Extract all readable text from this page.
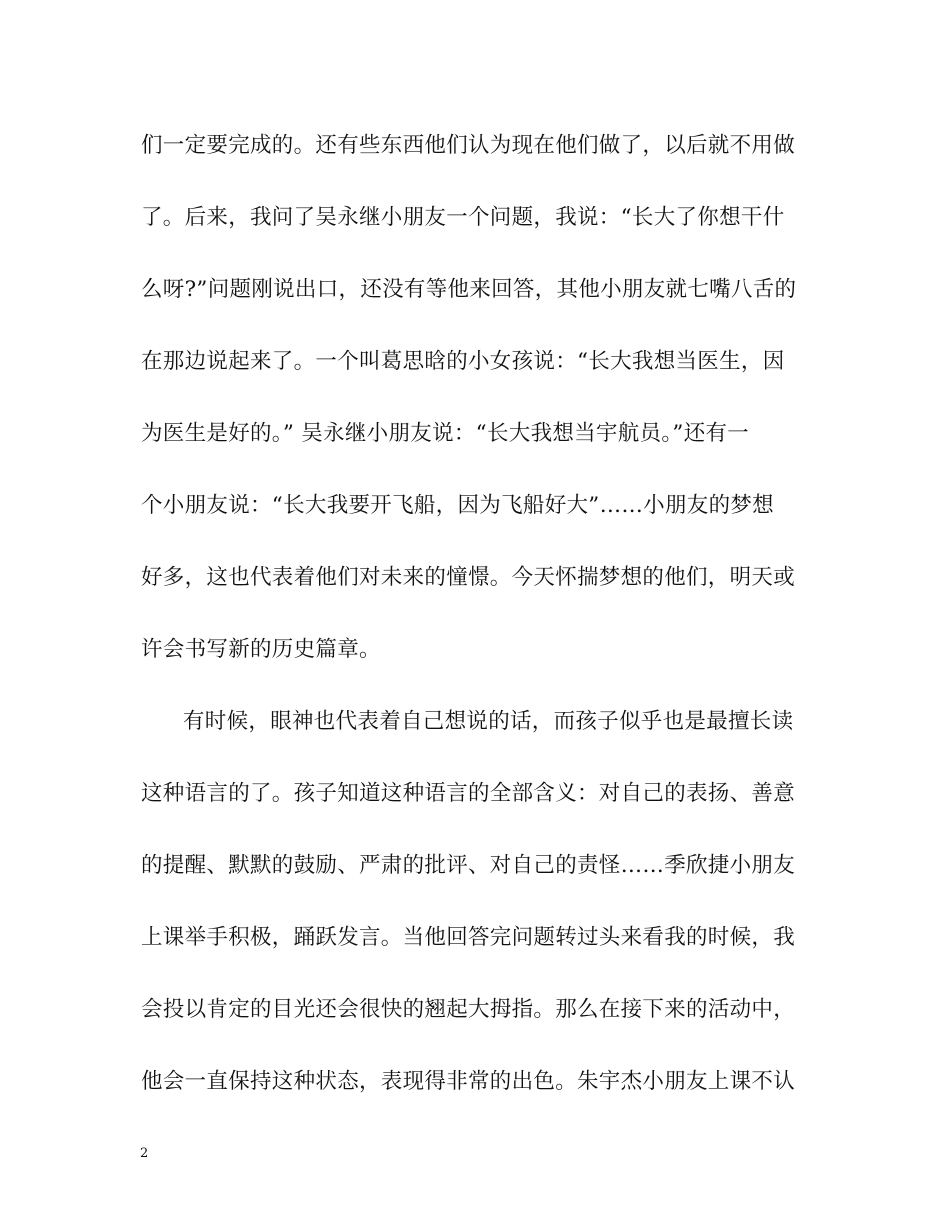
们一定要完成的。还有些东西他们认为现在他们做了，以后就不用做
了。后来，我问了吴永继小朋友一个问题，我说：“长大了你想干什
么呀?”问题刚说出口，还没有等他来回答，其他小朋友就七嘴八舌的
在那边说起来了。一个叫葛思晗的小女孩说：“长大我想当医生，因
为医生是好的。” 吴永继小朋友说：“长大我想当宇航员。”还有一
个小朋友说：“长大我要开飞船，因为飞船好大”……小朋友的梦想
好多，这也代表着他们对未来的憧憬。今天怀揣梦想的他们，明天或
许会书写新的历史篇章。
有时候，眼神也代表着自己想说的话，而孩子似乎也是最擅长读
这种语言的了。孩子知道这种语言的全部含义：对自己的表扬、善意
的提醒、默默的鼓励、严肃的批评、对自己的责怪……季欣捷小朋友
上课举手积极，踊跃发言。当他回答完问题转过头来看我的时候，我
会投以肯定的目光还会很快的翘起大拇指。那么在接下来的活动中，
他会一直保持这种状态，表现得非常的出色。朱宇杰小朋友上课不认
2
